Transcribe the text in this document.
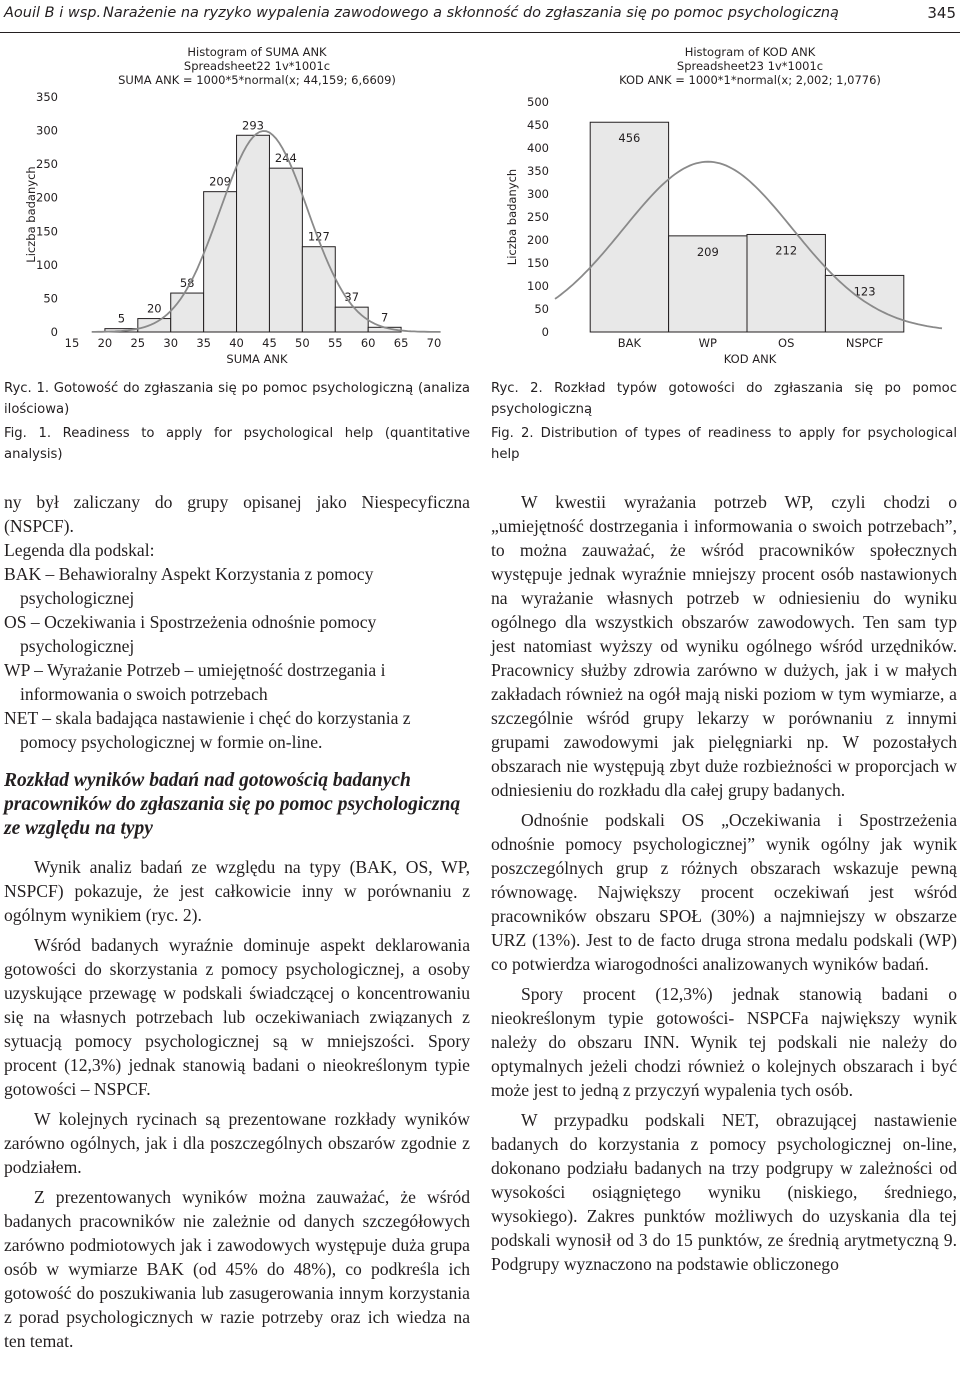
Aouil B i wsp. Narażenie na ryzyko wypalenia zawodowego a skłonność do zgłaszania się po pomoc psychologiczną	345
Histogram of SUMA ANK
Spreadsheet22 1v*1001c
SUMA ANK = 1000*5*normal(x; 44,159; 6,6609)
0
50
100
150
200
250
300
350
15 20 25 30 35 40 45 50 55 60 65 70
SUMA ANK
Liczba badanych
5
20
58
209
293
244
127
37
7
Histogram of KOD ANK
Spreadsheet23 1v*1001c
KOD ANK = 1000*1*normal(x; 2,002; 1,0776)
0
50
100
150
200
250
300
350
400
450
500
Liczba badanych
KOD ANK
456
BAK
209
WP
212
OS
123
NSPCF
Ryc. 1. Gotowość do zgłaszania się po pomoc psychologiczną (analiza ilościowa)
Fig. 1. Readiness to apply for psychological help (quantitative analysis)
Ryc. 2. Rozkład typów gotowości do zgłaszania się po pomoc psychologiczną
Fig. 2. Distribution of types of readiness to apply for psychological help

ny był zaliczany do grupy opisanej jako Niespecyficzna (NSPCF).

Legenda dla podskal:

BAK – Behawioralny Aspekt Korzystania z pomocy psychologicznej

OS – Oczekiwania i Spostrzeżenia odnośnie pomocy psychologicznej

WP – Wyrażanie Potrzeb – umiejętność dostrzegania i informowania o swoich potrzebach

NET – skala badająca nastawienie i chęć do korzystania z pomocy psychologicznej w formie on-line.

Rozkład wyników badań nad gotowością badanych pracowników do zgłaszania się po pomoc psychologiczną ze względu na typy

Wynik analiz badań ze względu na typy (BAK, OS, WP, NSPCF) pokazuje, że jest całkowicie inny w porównaniu z ogólnym wynikiem (ryc. 2).

Wśród badanych wyraźnie dominuje aspekt deklarowania gotowości do skorzystania z pomocy psychologicznej, a osoby uzyskujące przewagę w podskali świadczącej o koncentrowaniu się na własnych potrzebach lub oczekiwaniach związanych z sytuacją pomocy psychologicznej są w mniejszości. Spory procent (12,3%) jednak stanowią badani o nieokreślonym typie gotowości – NSPCF.

W kolejnych rycinach są prezentowane rozkłady wyników zarówno ogólnych, jak i dla poszczególnych obszarów zgodnie z podziałem.

Z prezentowanych wyników można zauważać, że wśród badanych pracowników nie zależnie od danych szczegółowych zarówno podmiotowych jak i zawodowych występuje duża grupa osób w wymiarze BAK (od 45% do 48%), co podkreśla ich gotowość do poszukiwania lub zasugerowania innym korzystania z porad psychologicznych w razie potrzeby oraz ich wiedza na ten temat.

W kwestii wyrażania potrzeb WP, czyli chodzi o „umiejętność dostrzegania i informowania o swoich potrzebach”, to można zauważać, że wśród pracowników społecznych występuje jednak wyraźnie mniejszy procent osób nastawionych na wyrażanie własnych potrzeb w odniesieniu do wyniku ogólnego dla wszystkich obszarów zawodowych. Ten sam typ jest natomiast wyższy od wyniku ogólnego wśród urzędników. Pracownicy służby zdrowia zarówno w dużych, jak i w małych zakładach również na ogół mają niski poziom w tym wymiarze, a szczególnie wśród grupy lekarzy w porównaniu z innymi grupami zawodowymi jak pielęgniarki np. W pozostałych obszarach nie występują zbyt duże rozbieżności w proporcjach w odniesieniu do rozkładu dla całej grupy badanych.

Odnośnie podskali OS „Oczekiwania i Spostrzeżenia odnośnie pomocy psychologicznej” wynik ogólny jak wynik poszczególnych grup z różnych obszarach wskazuje pewną równowagę. Największy procent oczekiwań jest wśród pracowników obszaru SPOŁ (30%) a najmniejszy w obszarze URZ (13%). Jest to de facto druga strona medalu podskali (WP) co potwierdza wiarogodności analizowanych wyników badań.

Spory procent (12,3%) jednak stanowią badani o nieokreślonym typie gotowości- NSPCFa największy wynik należy do obszaru INN. Wynik tej podskali nie należy do optymalnych jeżeli chodzi również o kolejnych obszarach i być może jest to jedną z przyczyń wypalenia tych osób.

W przypadku podskali NET, obrazującej nastawienie badanych do korzystania z pomocy psychologicznej on-line, dokonano podziału badanych na trzy podgrupy w zależności od wysokości osiągniętego wyniku (niskiego, średniego, wysokiego). Zakres punktów możliwych do uzyskania dla tej podskali wynosił od 3 do 15 punktów, ze średnią arytmetyczną 9. Podgrupy wyznaczono na podstawie obliczonego
